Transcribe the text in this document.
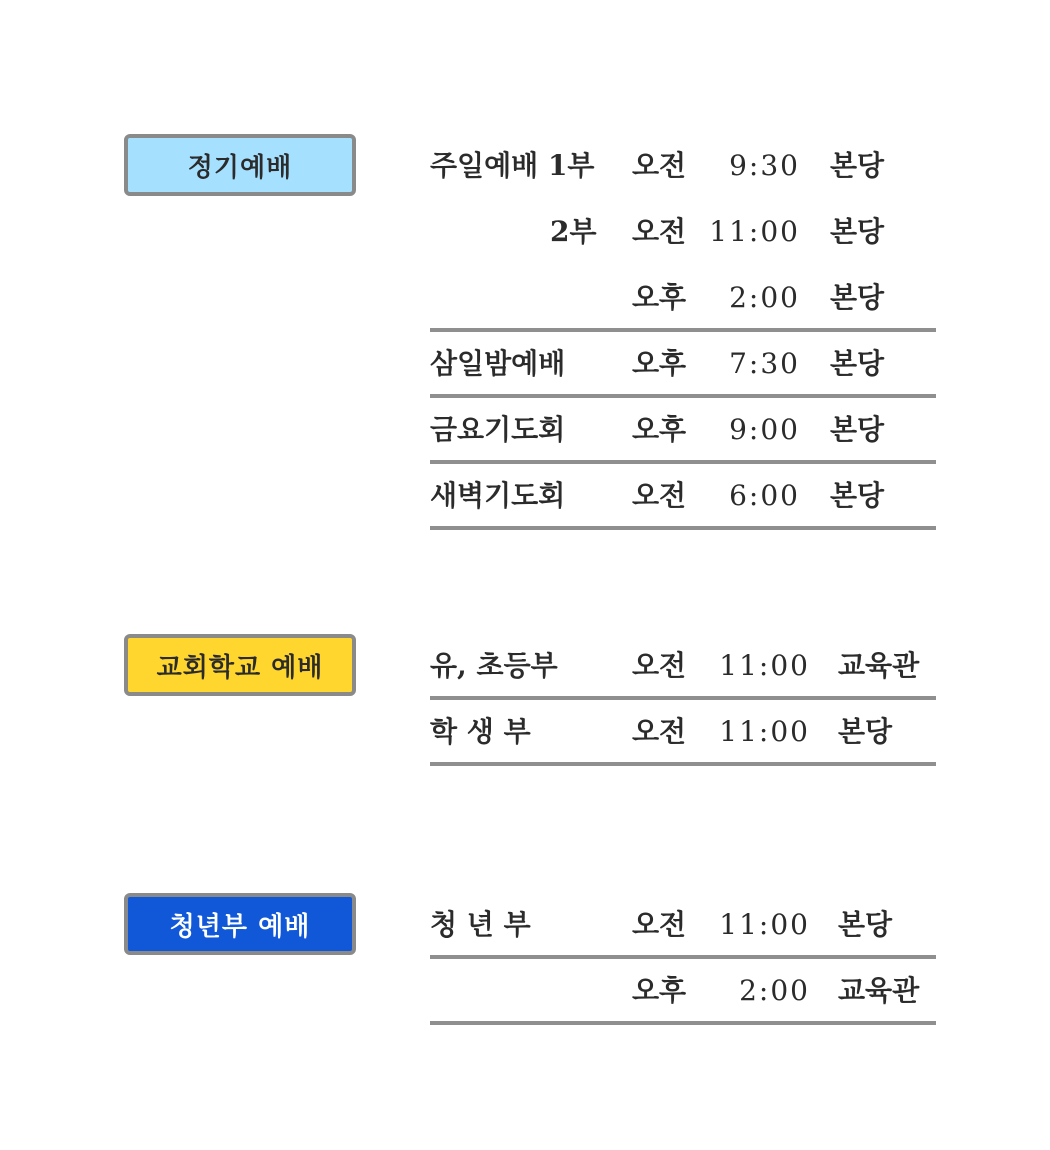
정기예배	주일예배 1부 오전 9:30 본당
2부 오전 11:00 본당
오후 2:00 본당
삼일밤예배 오후 7:30 본당
금요기도회 오후 9:00 본당
새벽기도회 오전 6:00 본당
교회학교 예배	유, 초등부	오전 11:00 교육관
학 생 부	오전 11:00 본당
청년부 예배	청 년 부	오전 11:00 본당
오후 2:00 교육관
